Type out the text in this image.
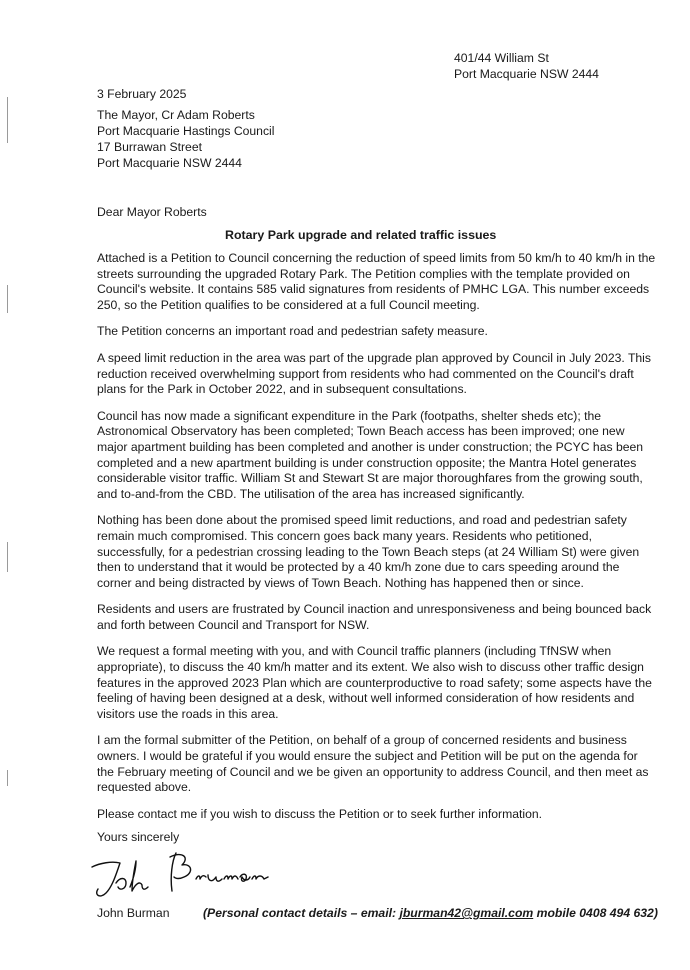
401/44 William St
Port Macquarie NSW 2444
3 February 2025
The Mayor, Cr Adam Roberts
Port Macquarie Hastings Council
17 Burrawan Street
Port Macquarie NSW 2444
Dear Mayor Roberts
Rotary Park upgrade and related traffic issues

Attached is a Petition to Council concerning the reduction of speed limits from 50 km/h to 40 km/h in the streets surrounding the upgraded Rotary Park. The Petition complies with the template provided on Council's website. It contains 585 valid signatures from residents of PMHC LGA. This number exceeds 250, so the Petition qualifies to be considered at a full Council meeting.

The Petition concerns an important road and pedestrian safety measure.

A speed limit reduction in the area was part of the upgrade plan approved by Council in July 2023. This reduction received overwhelming support from residents who had commented on the Council's draft plans for the Park in October 2022, and in subsequent consultations.

Council has now made a significant expenditure in the Park (footpaths, shelter sheds etc); the Astronomical Observatory has been completed; Town Beach access has been improved; one new major apartment building has been completed and another is under construction; the PCYC has been completed and a new apartment building is under construction opposite; the Mantra Hotel generates considerable visitor traffic. William St and Stewart St are major thoroughfares from the growing south, and to-and-from the CBD. The utilisation of the area has increased significantly.

Nothing has been done about the promised speed limit reductions, and road and pedestrian safety remain much compromised. This concern goes back many years. Residents who petitioned, successfully, for a pedestrian crossing leading to the Town Beach steps (at 24 William St) were given then to understand that it would be protected by a 40 km/h zone due to cars speeding around the corner and being distracted by views of Town Beach. Nothing has happened then or since.

Residents and users are frustrated by Council inaction and unresponsiveness and being bounced back and forth between Council and Transport for NSW.

We request a formal meeting with you, and with Council traffic planners (including TfNSW when appropriate), to discuss the 40 km/h matter and its extent. We also wish to discuss other traffic design features in the approved 2023 Plan which are counterproductive to road safety; some aspects have the feeling of having been designed at a desk, without well informed consideration of how residents and visitors use the roads in this area.

I am the formal submitter of the Petition, on behalf of a group of concerned residents and business owners. I would be grateful if you would ensure the subject and Petition will be put on the agenda for the February meeting of Council and we be given an opportunity to address Council, and then meet as requested above.

Please contact me if you wish to discuss the Petition or to seek further information.

Yours sincerely
John Burman	(Personal contact details – email: jburman42@gmail.com mobile 0408 494 632)
